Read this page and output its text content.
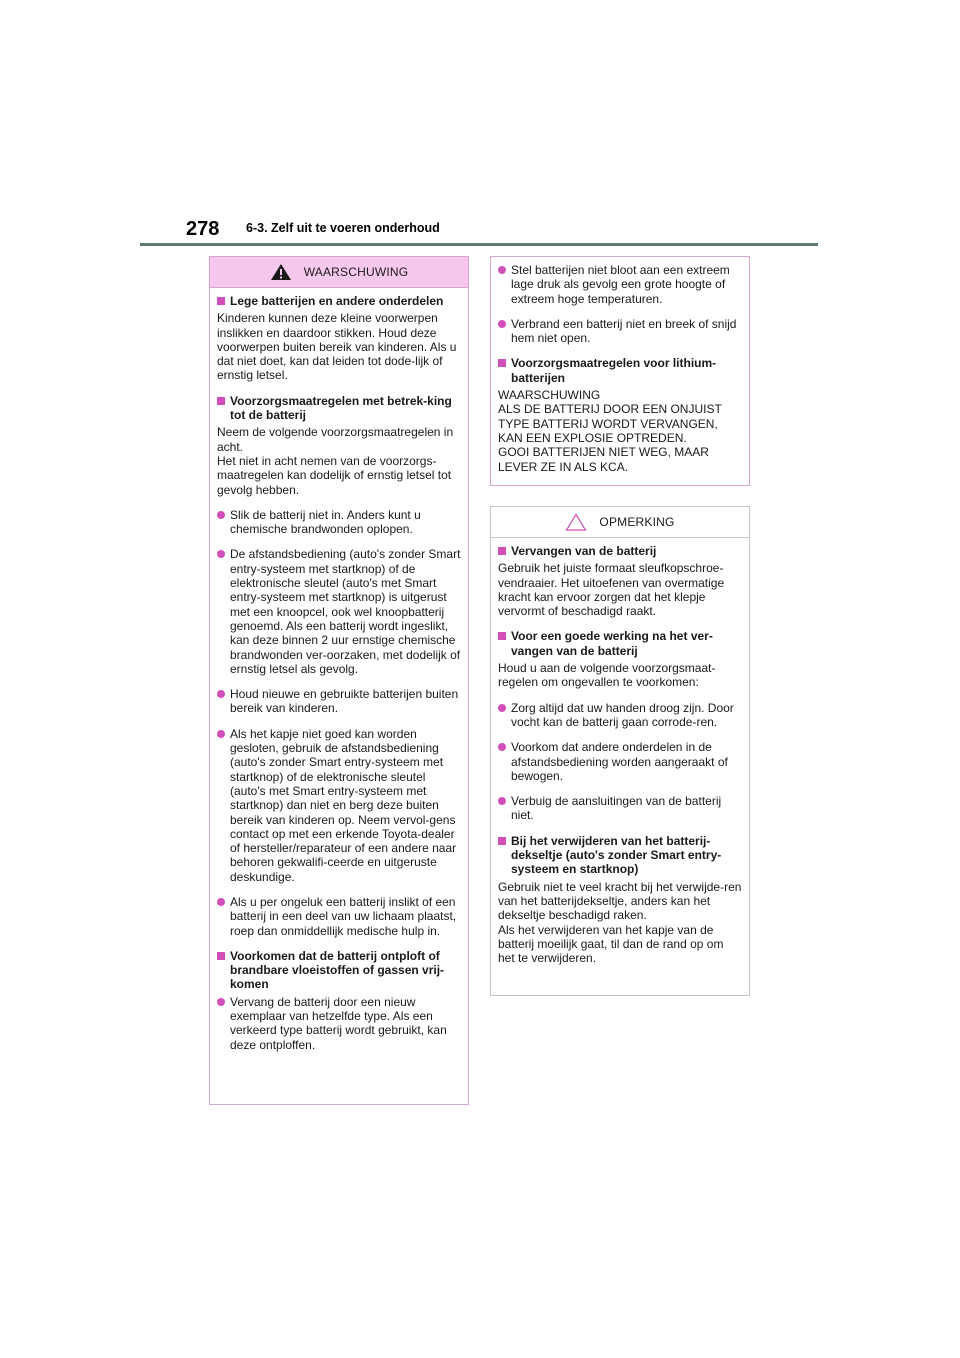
278 6-3. Zelf uit te voeren onderhoud
WAARSCHUWING
Lege batterijen en andere onderdelen
Kinderen kunnen deze kleine voorwerpen inslikken en daardoor stikken. Houd deze voorwerpen buiten bereik van kinderen. Als u dat niet doet, kan dat leiden tot dode-lijk of ernstig letsel.
Voorzorgsmaatregelen met betrek-king tot de batterij
Neem de volgende voorzorgsmaatregelen in acht.
Het niet in acht nemen van de voorzorgs-maatregelen kan dodelijk of ernstig letsel tot gevolg hebben.
Slik de batterij niet in. Anders kunt u chemische brandwonden oplopen.
De afstandsbediening (auto's zonder Smart entry-systeem met startknop) of de elektronische sleutel (auto's met Smart entry-systeem met startknop) is uitgerust met een knoopcel, ook wel knoopbatterij genoemd. Als een batterij wordt ingeslikt, kan deze binnen 2 uur ernstige chemische brandwonden ver-oorzaken, met dodelijk of ernstig letsel als gevolg.
Houd nieuwe en gebruikte batterijen buiten bereik van kinderen.
Als het kapje niet goed kan worden gesloten, gebruik de afstandsbediening (auto's zonder Smart entry-systeem met startknop) of de elektronische sleutel (auto's met Smart entry-systeem met startknop) dan niet en berg deze buiten bereik van kinderen op. Neem vervol-gens contact op met een erkende Toyota-dealer of hersteller/reparateur of een andere naar behoren gekwalifi-ceerde en uitgeruste deskundige.
Als u per ongeluk een batterij inslikt of een batterij in een deel van uw lichaam plaatst, roep dan onmiddellijk medische hulp in.
Voorkomen dat de batterij ontploft of brandbare vloeistoffen of gassen vrij-komen
Vervang de batterij door een nieuw exemplaar van hetzelfde type. Als een verkeerd type batterij wordt gebruikt, kan deze ontploffen.
Stel batterijen niet bloot aan een extreem lage druk als gevolg een grote hoogte of extreem hoge temperaturen.
Verbrand een batterij niet en breek of snijd hem niet open.
Voorzorgsmaatregelen voor lithium-batterijen
WAARSCHUWING
ALS DE BATTERIJ DOOR EEN ONJUIST TYPE BATTERIJ WORDT VERVANGEN, KAN EEN EXPLOSIE OPTREDEN.
GOOI BATTERIJEN NIET WEG, MAAR LEVER ZE IN ALS KCA.
OPMERKING
Vervangen van de batterij
Gebruik het juiste formaat sleufkopschroe-vendraaier. Het uitoefenen van overmatige kracht kan ervoor zorgen dat het klepje vervormt of beschadigd raakt.
Voor een goede werking na het ver-vangen van de batterij
Houd u aan de volgende voorzorgsmaat-regelen om ongevallen te voorkomen:
Zorg altijd dat uw handen droog zijn. Door vocht kan de batterij gaan corrode-ren.
Voorkom dat andere onderdelen in de afstandsbediening worden aangeraakt of bewogen.
Verbuig de aansluitingen van de batterij niet.
Bij het verwijderen van het batterij-dekseltje (auto's zonder Smart entry-systeem en startknop)
Gebruik niet te veel kracht bij het verwijde-ren van het batterijdekseltje, anders kan het dekseltje beschadigd raken.
Als het verwijderen van het kapje van de batterij moeilijk gaat, til dan de rand op om het te verwijderen.
